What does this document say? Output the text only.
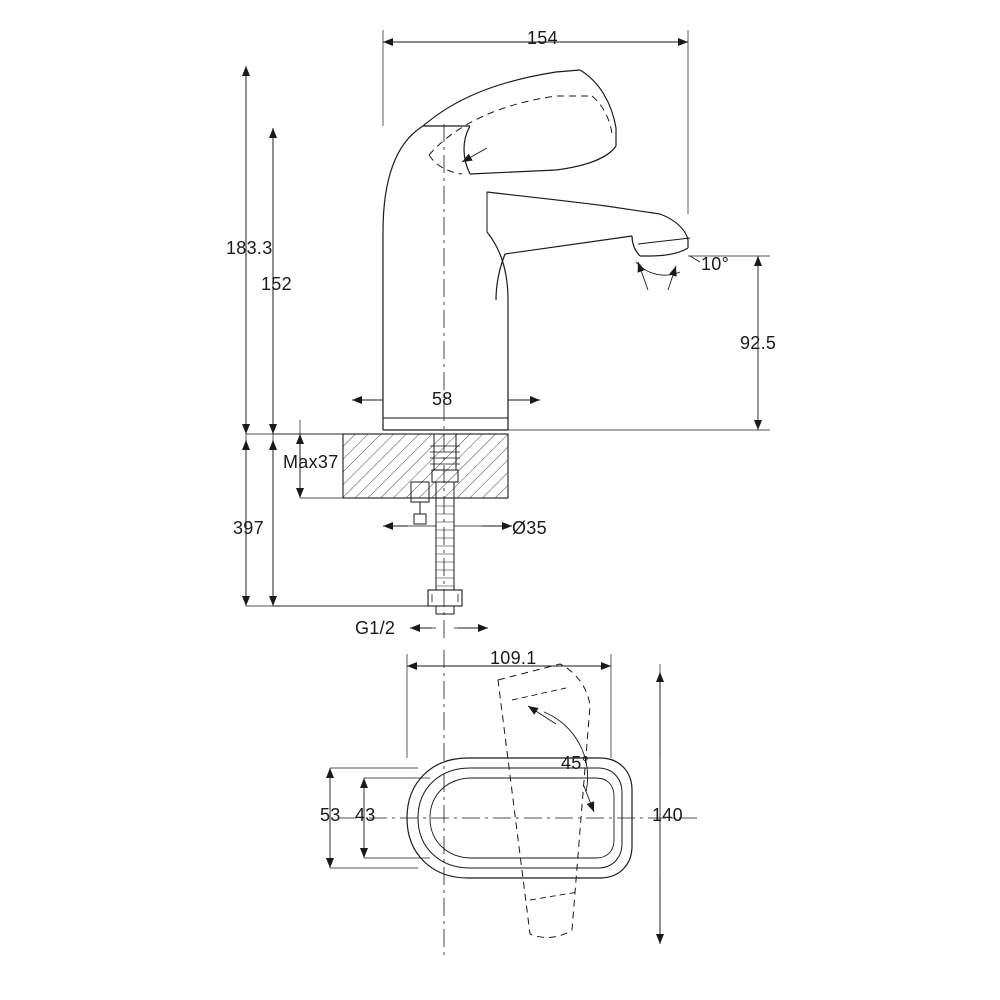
154
183.3
152
92.5
10°
58
Max37
397	Ø35
G1/2
109.1
53 43
45°
140
